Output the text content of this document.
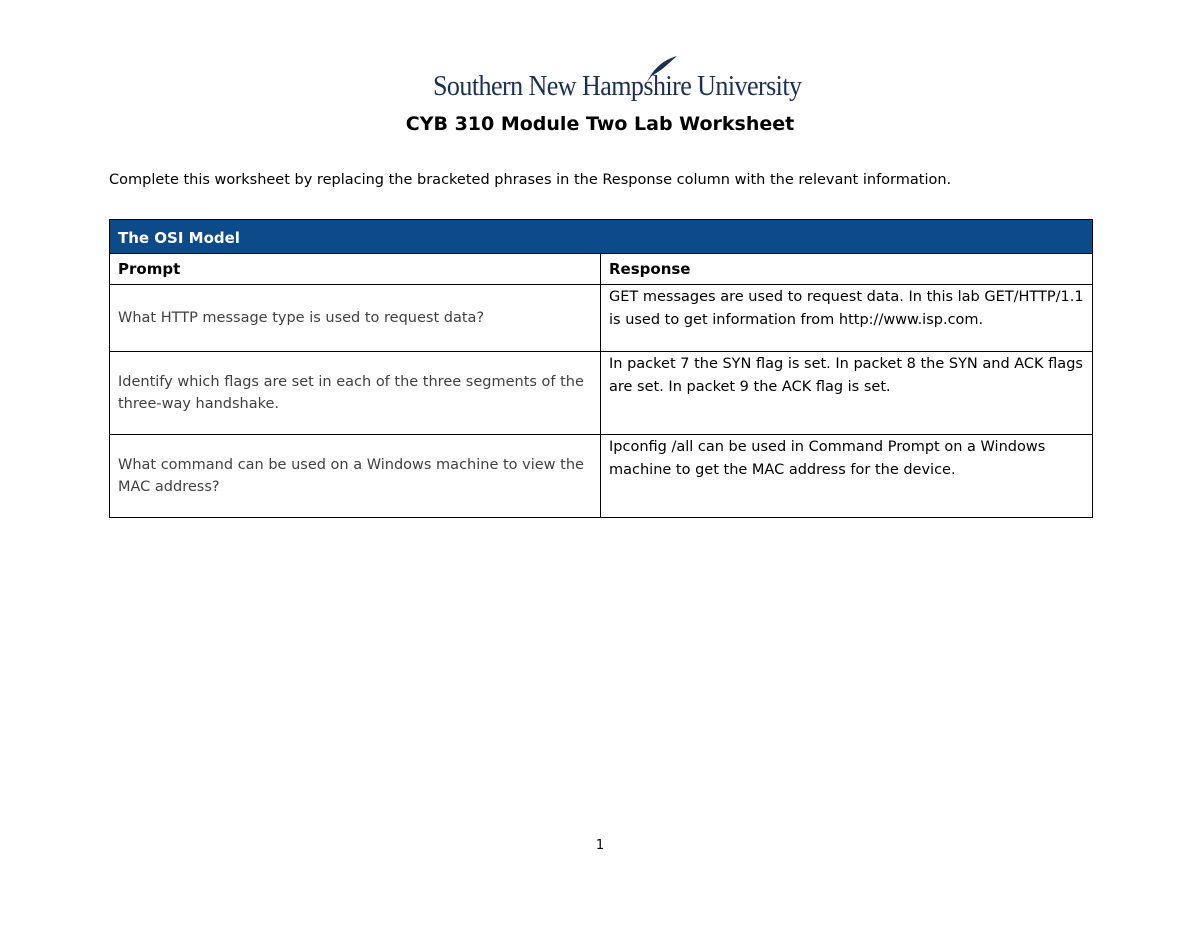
Southern New Hampshire University
CYB 310 Module Two Lab Worksheet
Complete this worksheet by replacing the bracketed phrases in the Response column with the relevant information.
The OSI Model	
Prompt	Response
What HTTP message type is used to request data?	GET messages are used to request data. In this lab GET/HTTP/1.1 is used to get information from http://www.isp.com.
Identify which flags are set in each of the three segments of the three-way handshake.	In packet 7 the SYN flag is set. In packet 8 the SYN and ACK flags are set. In packet 9 the ACK flag is set.
What command can be used on a Windows machine to view the MAC address?	Ipconfig /all can be used in Command Prompt on a Windows machine to get the MAC address for the device.
1
